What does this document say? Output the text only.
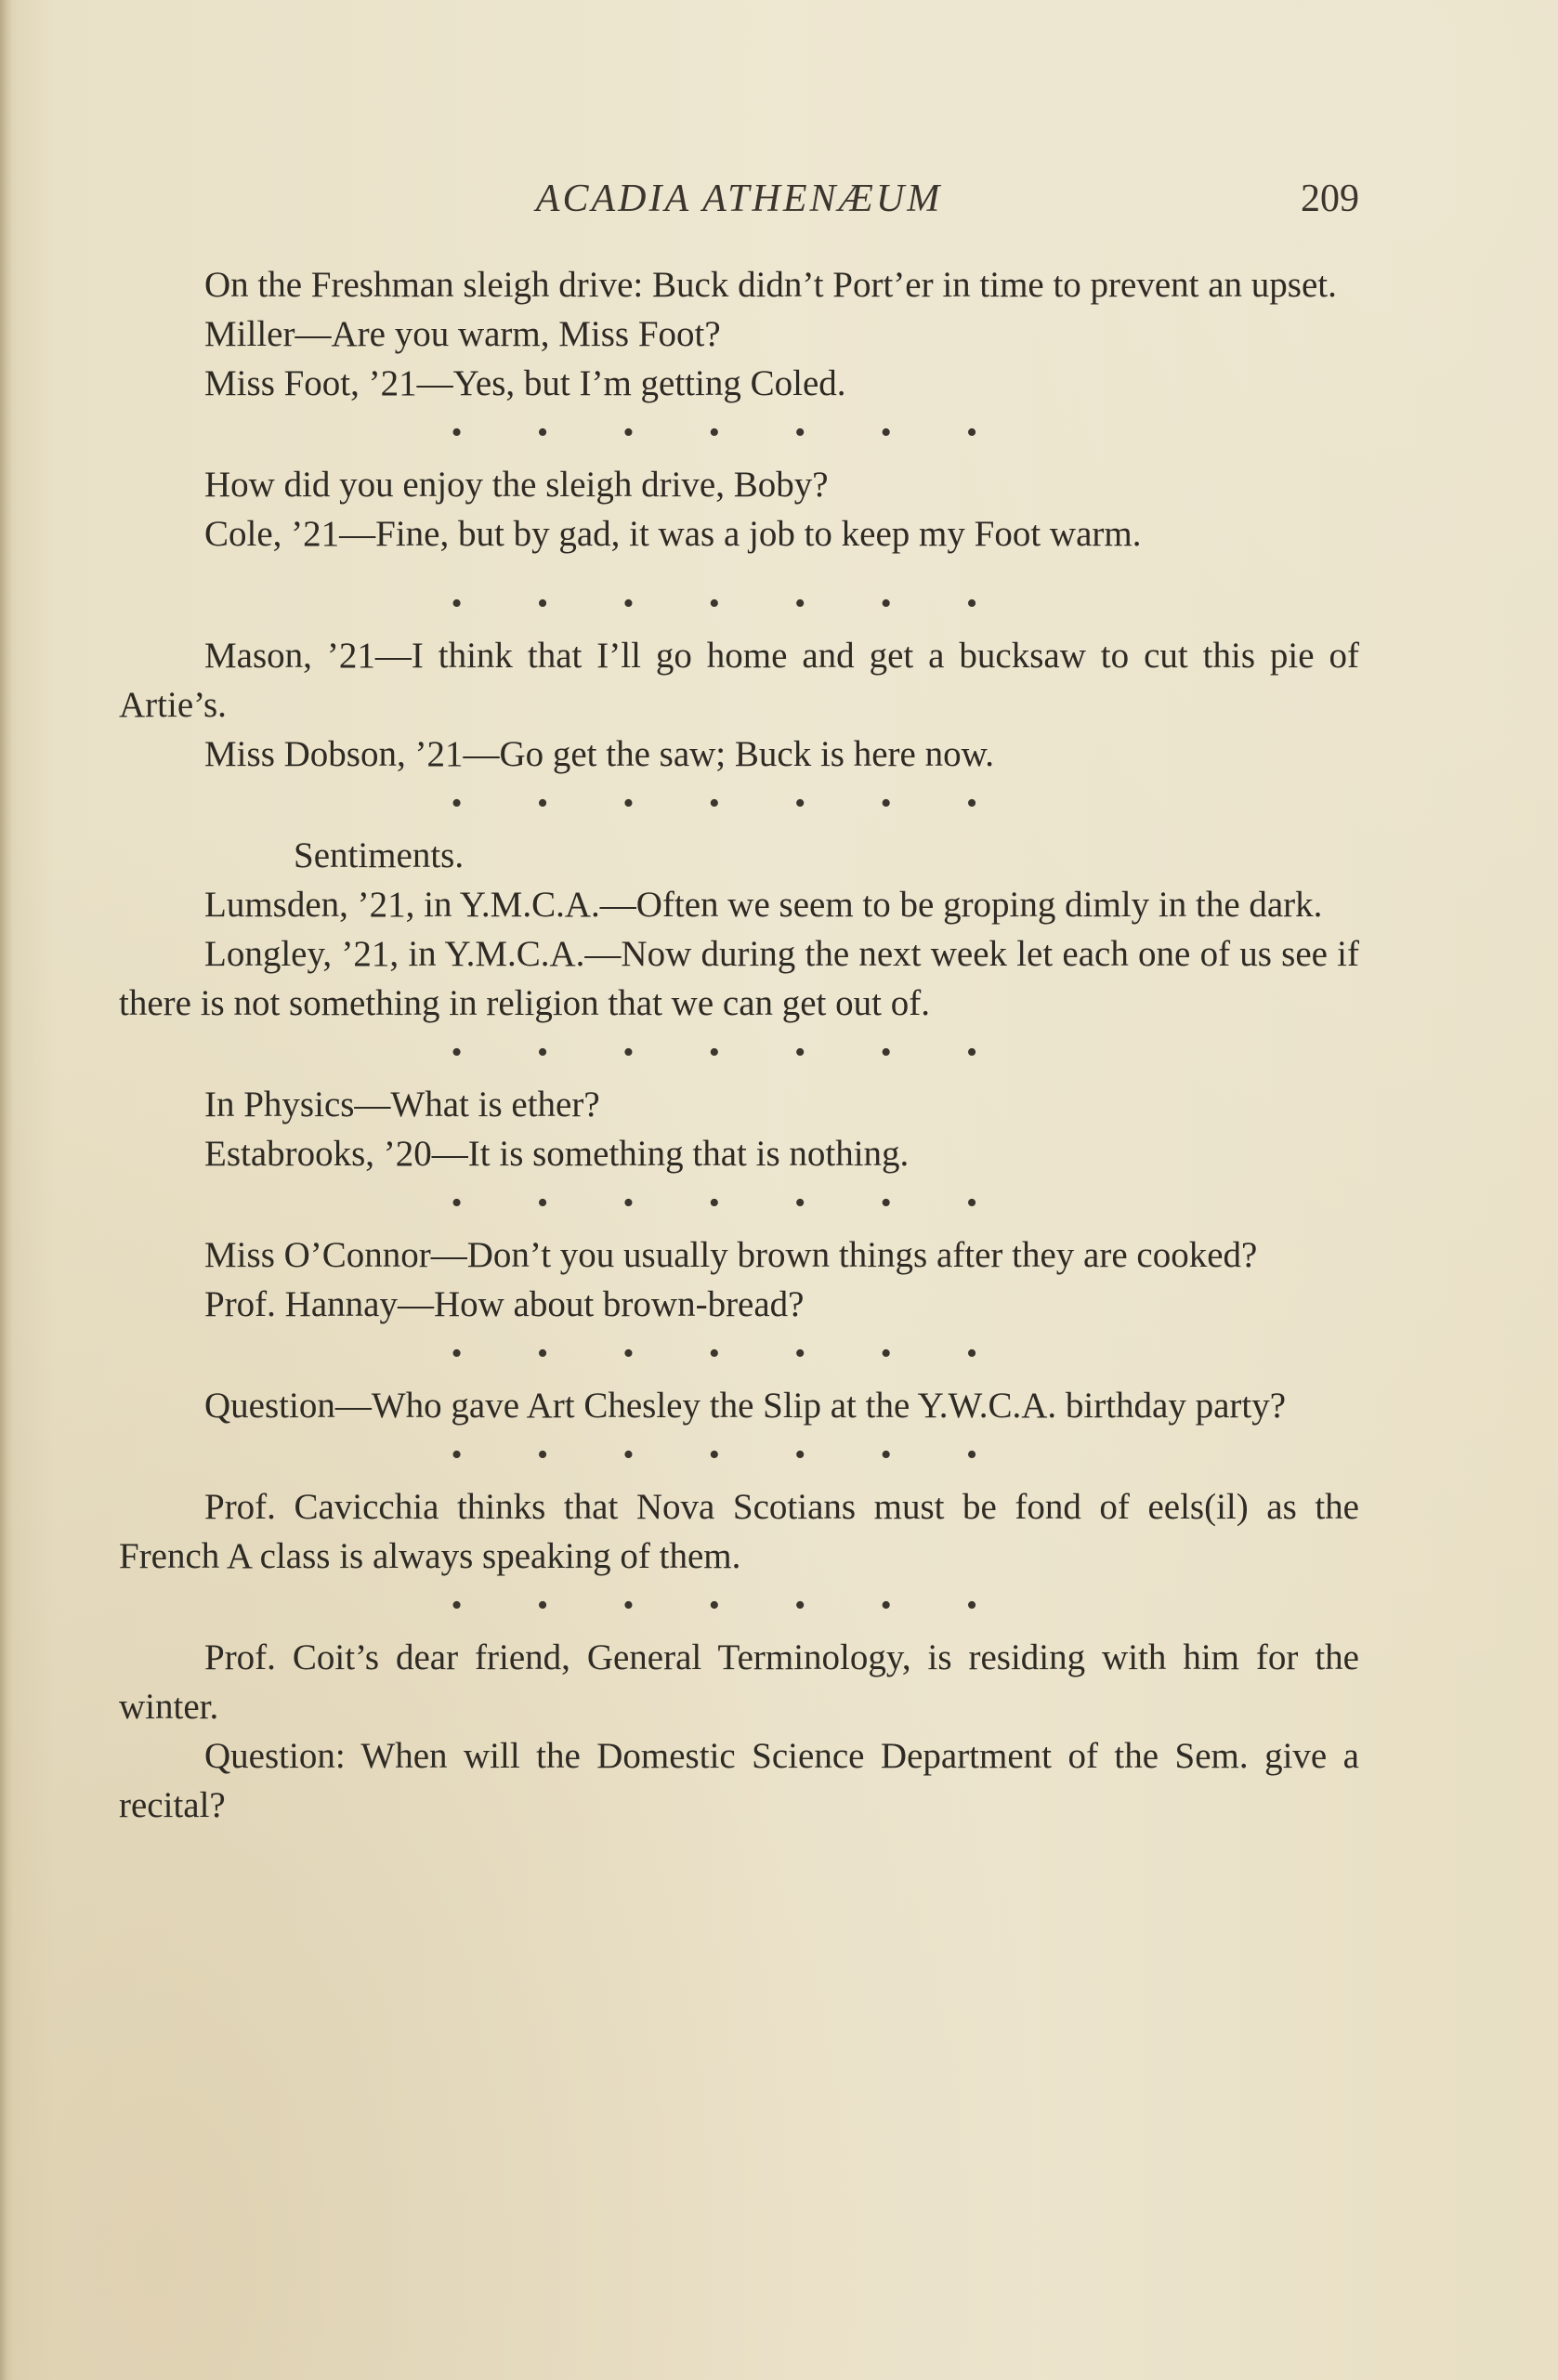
ACADIA ATHENÆUM	209

On the Freshman sleigh drive: Buck didn’t Port’er in time to prevent an upset.

Miller—Are you warm, Miss Foot?

Miss Foot, ’21—Yes, but I’m getting Coled.

• • • • • • •

How did you enjoy the sleigh drive, Boby?

Cole, ’21—Fine, but by gad, it was a job to keep my Foot warm.

• • • • • • •

Mason, ’21—I think that I’ll go home and get a bucksaw to cut this pie of Artie’s.

Miss Dobson, ’21—Go get the saw; Buck is here now.

• • • • • • •

Sentiments.

Lumsden, ’21, in Y.M.C.A.—Often we seem to be groping dimly in the dark.

Longley, ’21, in Y.M.C.A.—Now during the next week let each one of us see if there is not something in religion that we can get out of.

• • • • • • •

In Physics—What is ether?

Estabrooks, ’20—It is something that is nothing.

• • • • • • •

Miss O’Connor—Don’t you usually brown things after they are cooked?

Prof. Hannay—How about brown-bread?

• • • • • • •

Question—Who gave Art Chesley the Slip at the Y.W.C.A. birthday party?

• • • • • • •

Prof. Cavicchia thinks that Nova Scotians must be fond of eels(il) as the French A class is always speaking of them.

• • • • • • •

Prof. Coit’s dear friend, General Terminology, is residing with him for the winter.

Question: When will the Domestic Science Department of the Sem. give a recital?
